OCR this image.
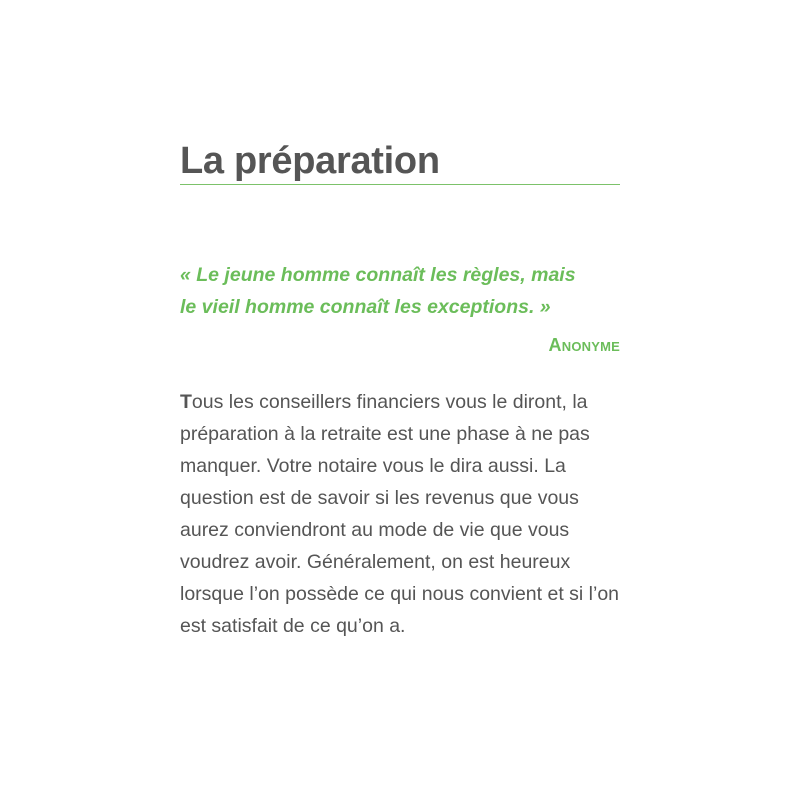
La préparation

« Le jeune homme connaît les règles, mais
le vieil homme connaît les exceptions. »

Anonyme

Tous les conseillers financiers vous le diront, la préparation à la retraite est une phase à ne pas manquer. Votre notaire vous le dira aussi. La question est de savoir si les revenus que vous aurez conviendront au mode de vie que vous voudrez avoir. Généralement, on est heureux lorsque l’on possède ce qui nous convient et si l’on est satisfait de ce qu’on a.
